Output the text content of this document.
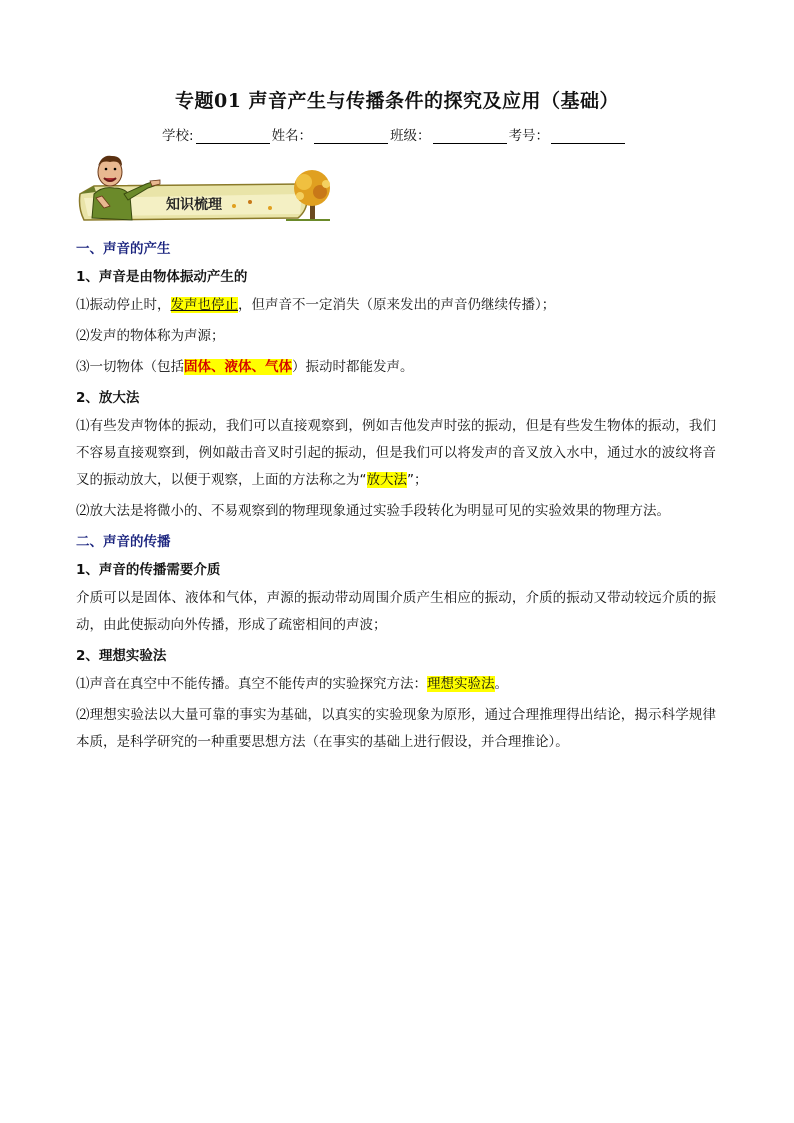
专题01 声音产生与传播条件的探究及应用（基础）
学校:	姓名：	班级：	考号：
知识梳理
一、声音的产生
1、声音是由物体振动产生的
⑴振动停止时，发声也停止，但声音不一定消失（原来发出的声音仍继续传播）；
⑵发声的物体称为声源；
⑶一切物体（包括固体、液体、气体）振动时都能发声。
2、放大法
⑴有些发声物体的振动，我们可以直接观察到，例如吉他发声时弦的振动，但是有些发生物体的振动，我们不容易直接观察到，例如敲击音叉时引起的振动，但是我们可以将发声的音叉放入水中，通过水的波纹将音叉的振动放大，以便于观察，上面的方法称之为“放大法”；
⑵放大法是将微小的、不易观察到的物理现象通过实验手段转化为明显可见的实验效果的物理方法。
二、声音的传播
1、声音的传播需要介质
介质可以是固体、液体和气体，声源的振动带动周围介质产生相应的振动，介质的振动又带动较远介质的振动，由此使振动向外传播，形成了疏密相间的声波；
2、理想实验法
⑴声音在真空中不能传播。真空不能传声的实验探究方法：理想实验法。
⑵理想实验法以大量可靠的事实为基础，以真实的实验现象为原形，通过合理推理得出结论，揭示科学规律本质，是科学研究的一种重要思想方法（在事实的基础上进行假设，并合理推论）。
